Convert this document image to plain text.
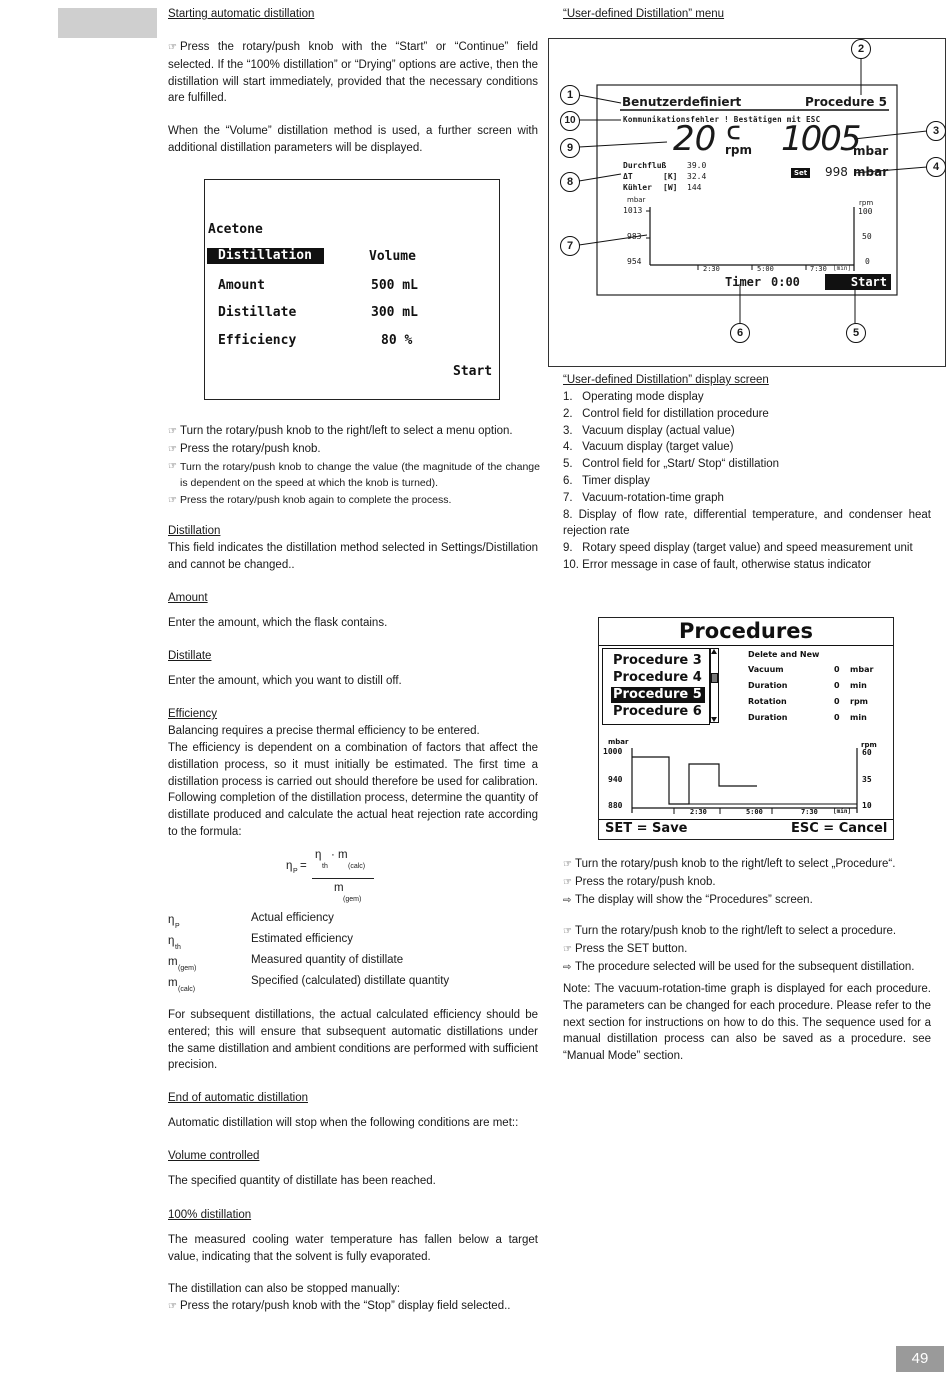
Starting automatic distillation
☞ Press the rotary/push knob with the “Start” or “Continue” field selected. If the “100% distillation” or “Drying” options are active, then the distillation will start immediately, provided that the necessary conditions are fulfilled.
When the “Volume” distillation method is used, a further screen with additional distillation parameters will be displayed.
Acetone
Distillation :
Volume
Amount	500 mL
Distillate	300 mL
Efficiency	80 %
Start
☞ Turn the rotary/push knob to the right/left to select a menu option.
☞ Press the rotary/push knob.
☞ Turn the rotary/push knob to change the value (the magnitude of the change is dependent on the speed at which the knob is turned).
☞ Press the rotary/push knob again to complete the process.
Distillation
This field indicates the distillation method selected in Settings/Distillation and cannot be changed..
Amount
Enter the amount, which the flask contains.
Distillate
Enter the amount, which you want to distill off.
Efficiency
Balancing requires a precise thermal efficiency to be entered.
The efficiency is dependent on a combination of factors that affect the distillation process, so it must initially be estimated. The first time a distillation process is carried out should therefore be used for calibration. Following completion of the distillation process, determine the quantity of distillate produced and calculate the actual heat rejection rate according to the formula:
η P =
η
th
· m
(calc)
m
(gem)
η
P
Actual efficiency
η
th
Estimated efficiency
m
(gem)
Measured quantity of distillate
m
(calc)
Specified (calculated) distillate quantity
For subsequent distillations, the actual calculated efficiency should be entered; this will ensure that subsequent automatic distillations under the same distillation and ambient conditions are performed with sufficient precision.
End of automatic distillation
Automatic distillation will stop when the following conditions are met::
Volume controlled
The specified quantity of distillate has been reached.
100% distillation
The measured cooling water temperature has fallen below a target value, indicating that the solvent is fully evaporated.
The distillation can also be stopped manually:
☞ Press the rotary/push knob with the “Stop” display field selected..
“User-defined Distillation” menu
Benutzerdefiniert	Procedure 5
Kommunikationsfehler ! Bestätigen mit ESC
20 ᑕ
rpm 1005
mbar
Durchfluß	39.0
ΔT	[K] 32.4
Kühler [W] 144
Set 998 mbar
mbar
1013
983
954
rpm
100
50
0
2:30	5:00	7:30 [min]
Timer 0:00	Start
1
2
3
4
5
6
7
8
9
10
“User-defined Distillation” display screen
1.   Operating mode display
2.   Control field for distillation procedure
3.   Vacuum display (actual value)
4.   Vacuum display (target value)
5.   Control field for „Start/ Stop“ distillation
6.   Timer display
7.   Vacuum-rotation-time graph
8. Display of flow rate, differential temperature, and condenser heat rejection rate
9.   Rotary speed display (target value) and speed measurement unit
10. Error message in case of fault, otherwise status indicator
Procedures
Procedure 3
Procedure 4
Procedure 5
Procedure 6
Delete and New
Vacuum	0 mbar
Duration	0 min
Rotation	0 rpm
Duration	0 min
mbar
1000
940
880
rpm
60
35
10
2:30	5:00	7:30	[min]
SET = Save	ESC = Cancel
☞ Turn the rotary/push knob to the right/left to select „Procedure“.
☞ Press the rotary/push knob.
⇨ The display will show the “Procedures” screen.
☞ Turn the rotary/push knob to the right/left to select a procedure.
☞ Press the SET button.
⇨ The procedure selected will be used for the subsequent distillation.
Note: The vacuum-rotation-time graph is displayed for each procedure. The parameters can be changed for each procedure. Please refer to the next section for instructions on how to do this. The sequence used for a manual distillation process can also be saved as a procedure. see “Manual Mode” section.
49
